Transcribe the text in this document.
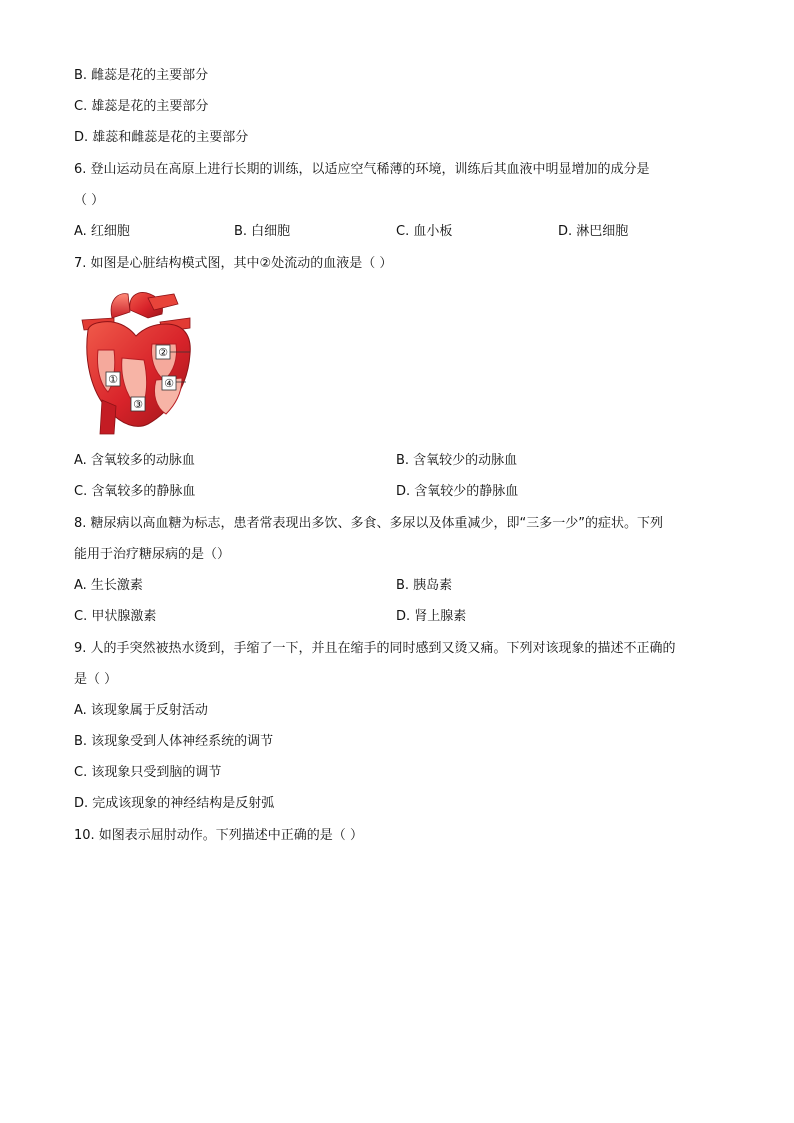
B. 雌蕊是花的主要部分
C. 雄蕊是花的主要部分
D. 雄蕊和雌蕊是花的主要部分
6. 登山运动员在高原上进行长期的训练，以适应空气稀薄的环境，训练后其血液中明显增加的成分是
（ ）
A. 红细胞	B. 白细胞	C. 血小板	D. 淋巴细胞
7. 如图是心脏结构模式图，其中②处流动的血液是（ ）
①
②
③
④
A. 含氧较多的动脉血	B. 含氧较少的动脉血
C. 含氧较多的静脉血	D. 含氧较少的静脉血
8. 糖尿病以高血糖为标志，患者常表现出多饮、多食、多尿以及体重减少，即“三多一少”的症状。下列
能用于治疗糖尿病的是（）
A. 生长激素	B. 胰岛素
C. 甲状腺激素	D. 肾上腺素
9. 人的手突然被热水烫到，手缩了一下，并且在缩手的同时感到又烫又痛。下列对该现象的描述不正确的
是（ ）
A. 该现象属于反射活动
B. 该现象受到人体神经系统的调节
C. 该现象只受到脑的调节
D. 完成该现象的神经结构是反射弧
10. 如图表示屈肘动作。下列描述中正确的是（ ）
